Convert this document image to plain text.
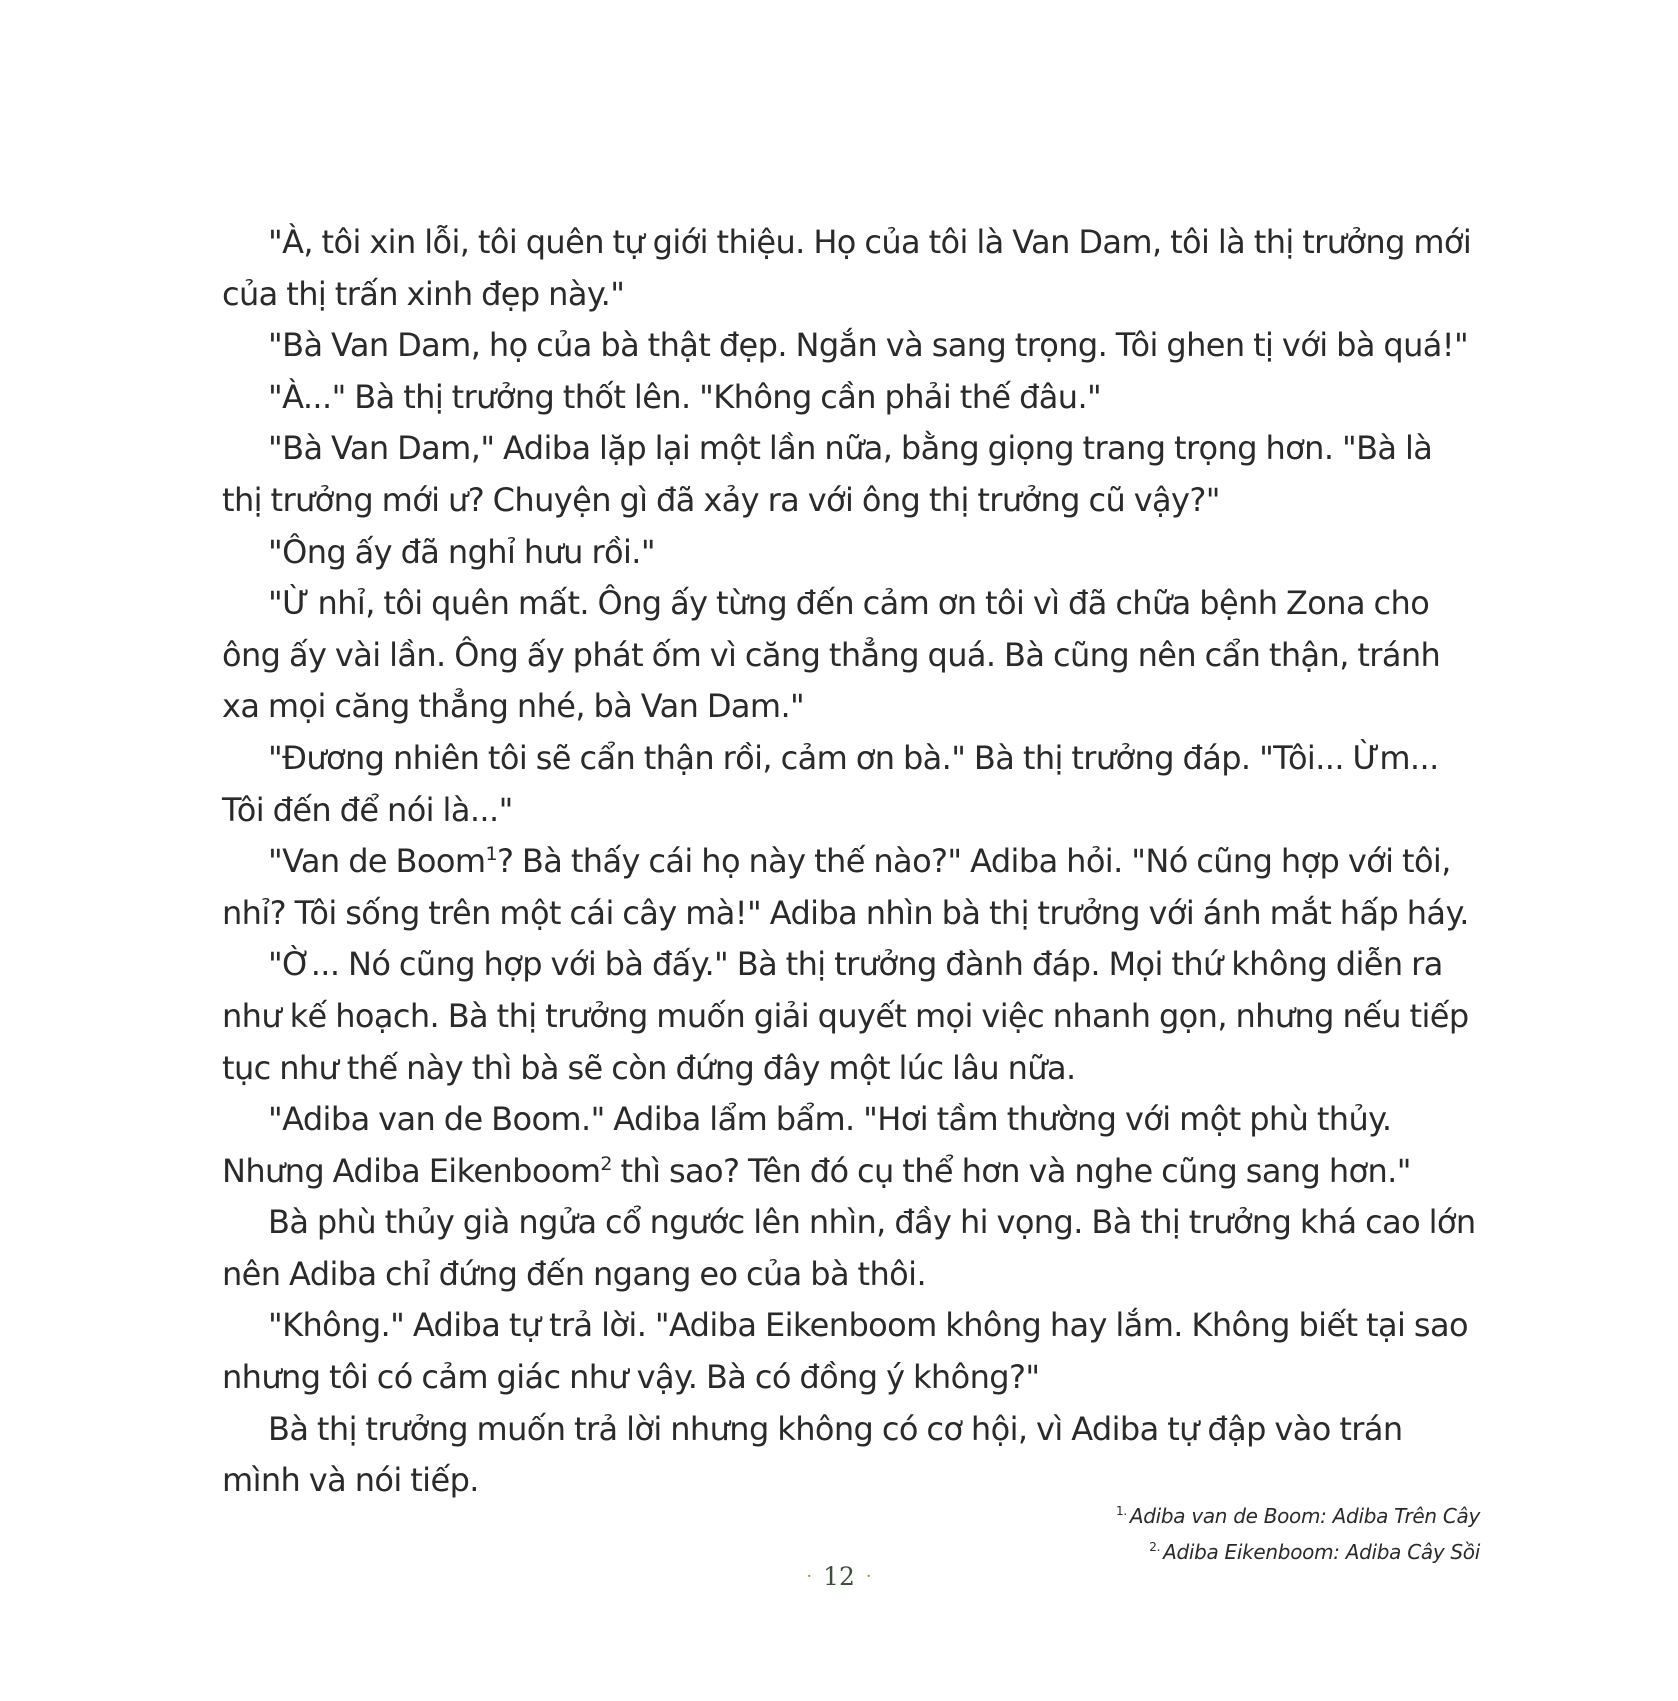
"À, tôi xin lỗi, tôi quên tự giới thiệu. Họ của tôi là Van Dam, tôi là thị trưởng mới của thị trấn xinh đẹp này."

"Bà Van Dam, họ của bà thật đẹp. Ngắn và sang trọng. Tôi ghen tị với bà quá!"

"À..." Bà thị trưởng thốt lên. "Không cần phải thế đâu."

"Bà Van Dam," Adiba lặp lại một lần nữa, bằng giọng trang trọng hơn. "Bà là thị trưởng mới ư? Chuyện gì đã xảy ra với ông thị trưởng cũ vậy?"

"Ông ấy đã nghỉ hưu rồi."

"Ừ nhỉ, tôi quên mất. Ông ấy từng đến cảm ơn tôi vì đã chữa bệnh Zona cho ông ấy vài lần. Ông ấy phát ốm vì căng thẳng quá. Bà cũng nên cẩn thận, tránh xa mọi căng thẳng nhé, bà Van Dam."

"Đương nhiên tôi sẽ cẩn thận rồi, cảm ơn bà." Bà thị trưởng đáp. "Tôi... Ừm... Tôi đến để nói là..."

"Van de Boom$^1$? Bà thấy cái họ này thế nào?" Adiba hỏi. "Nó cũng hợp với tôi, nhỉ? Tôi sống trên một cái cây mà!" Adiba nhìn bà thị trưởng với ánh mắt hấp háy.

"Ờ... Nó cũng hợp với bà đấy." Bà thị trưởng đành đáp. Mọi thứ không diễn ra như kế hoạch. Bà thị trưởng muốn giải quyết mọi việc nhanh gọn, nhưng nếu tiếp tục như thế này thì bà sẽ còn đứng đây một lúc lâu nữa.

"Adiba van de Boom." Adiba lẩm bẩm. "Hơi tầm thường với một phù thủy. Nhưng Adiba Eikenboom$^2$ thì sao? Tên đó cụ thể hơn và nghe cũng sang hơn."

Bà phù thủy già ngửa cổ ngước lên nhìn, đầy hi vọng. Bà thị trưởng khá cao lớn nên Adiba chỉ đứng đến ngang eo của bà thôi.

"Không." Adiba tự trả lời. "Adiba Eikenboom không hay lắm. Không biết tại sao nhưng tôi có cảm giác như vậy. Bà có đồng ý không?"

Bà thị trưởng muốn trả lời nhưng không có cơ hội, vì Adiba tự đập vào trán mình và nói tiếp.

$^{1.}$ Adiba van de Boom: Adiba Trên Cây
$^{2.}$ Adiba Eikenboom: Adiba Cây Sồi
· 12 ·
